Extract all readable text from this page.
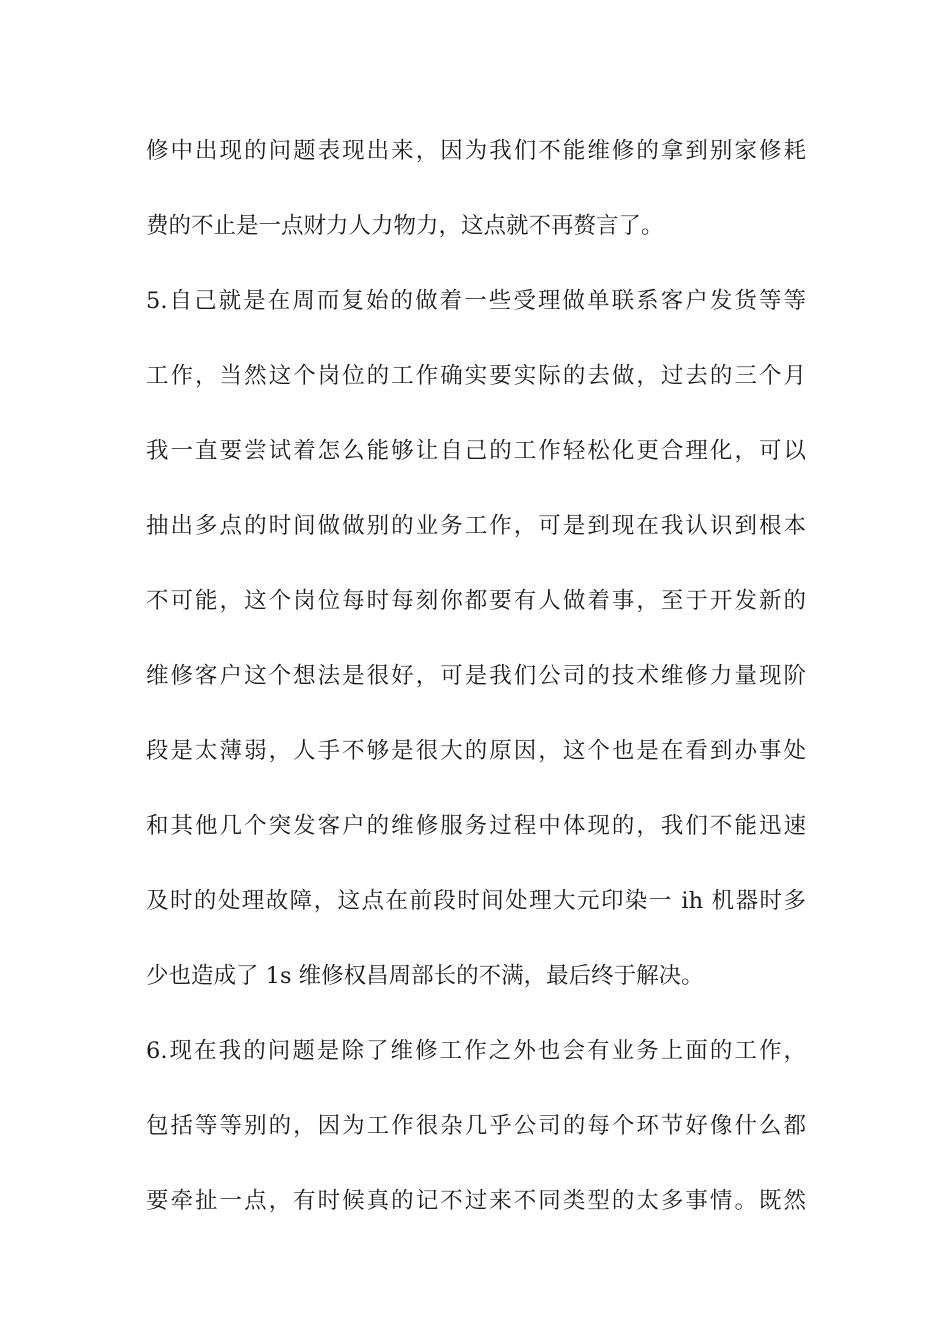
修中出现的问题表现出来，因为我们不能维修的拿到别家修耗
费的不止是一点财力人力物力，这点就不再赘言了。
5.自己就是在周而复始的做着一些受理做单联系客户发货等等
工作，当然这个岗位的工作确实要实际的去做，过去的三个月
我一直要尝试着怎么能够让自己的工作轻松化更合理化，可以
抽出多点的时间做做别的业务工作，可是到现在我认识到根本
不可能，这个岗位每时每刻你都要有人做着事，至于开发新的
维修客户这个想法是很好，可是我们公司的技术维修力量现阶
段是太薄弱，人手不够是很大的原因，这个也是在看到办事处
和其他几个突发客户的维修服务过程中体现的，我们不能迅速
及时的处理故障，这点在前段时间处理大元印染一 ih 机器时多
少也造成了 1s 维修权昌周部长的不满，最后终于解决。
6.现在我的问题是除了维修工作之外也会有业务上面的工作，
包括等等别的，因为工作很杂几乎公司的每个环节好像什么都
要牵扯一点，有时候真的记不过来不同类型的太多事情。既然
